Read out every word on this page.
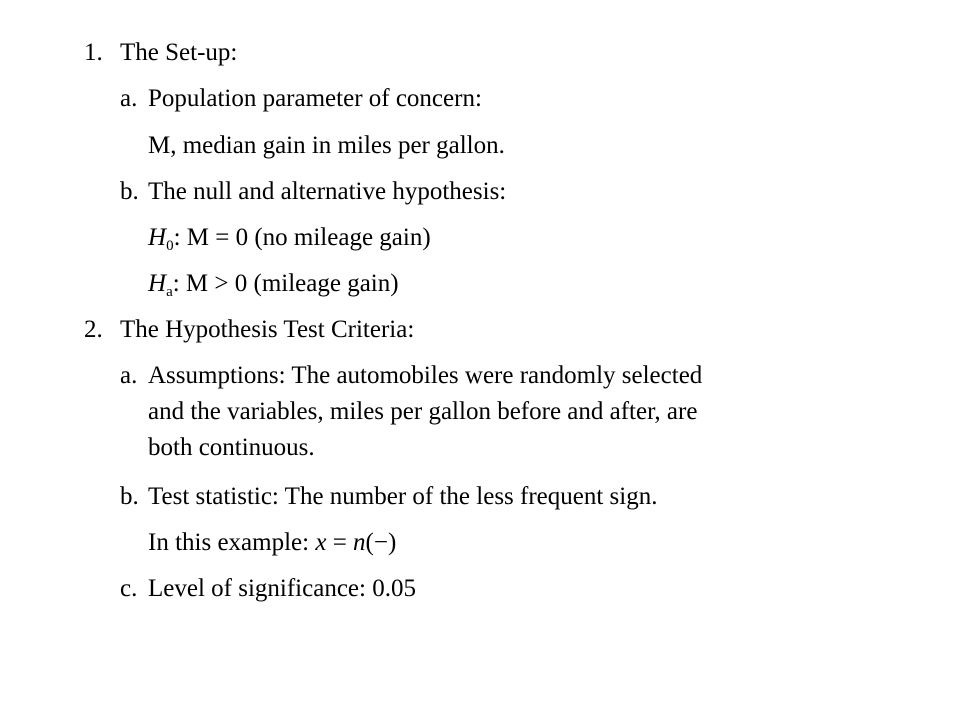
1. The Set-up:
a. Population parameter of concern:
M, median gain in miles per gallon.
b. The null and alternative hypothesis:
$H_0$: M = 0 (no mileage gain)
$H_a$: M > 0 (mileage gain)
2. The Hypothesis Test Criteria:
a. Assumptions: The automobiles were randomly selected
and the variables, miles per gallon before and after, are
both continuous.
b. Test statistic: The number of the less frequent sign.
In this example: x = n(−)
c. Level of significance: 0.05
